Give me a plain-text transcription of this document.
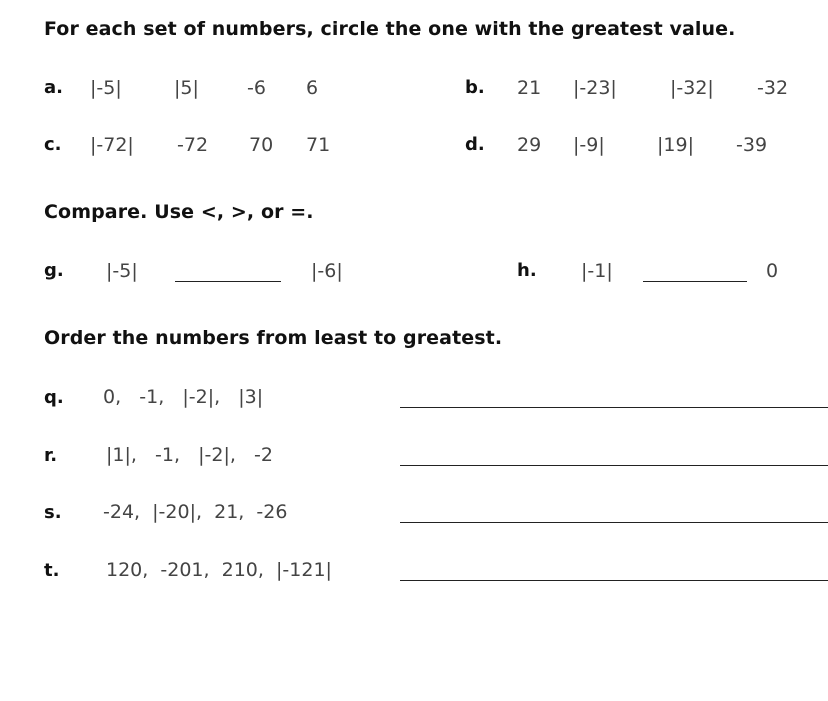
For each set of numbers, circle the one with the greatest value.
a. |-5|	|5|	-6 6	b. 21 |-23|	|-32| -32
c. |-72| -72 70 71	d. 29 |-9|	|19| -39
Compare. Use <, >, or =.
g. |-5|	|-6|	h. |-1|	0
Order the numbers from least to greatest.
q. 0,   -1,   |-2|,   |3|
r.	|1|,   -1,   |-2|,   -2
s. -24,  |-20|,  21,  -26
t. 120,  -201,  210,  |-121|
